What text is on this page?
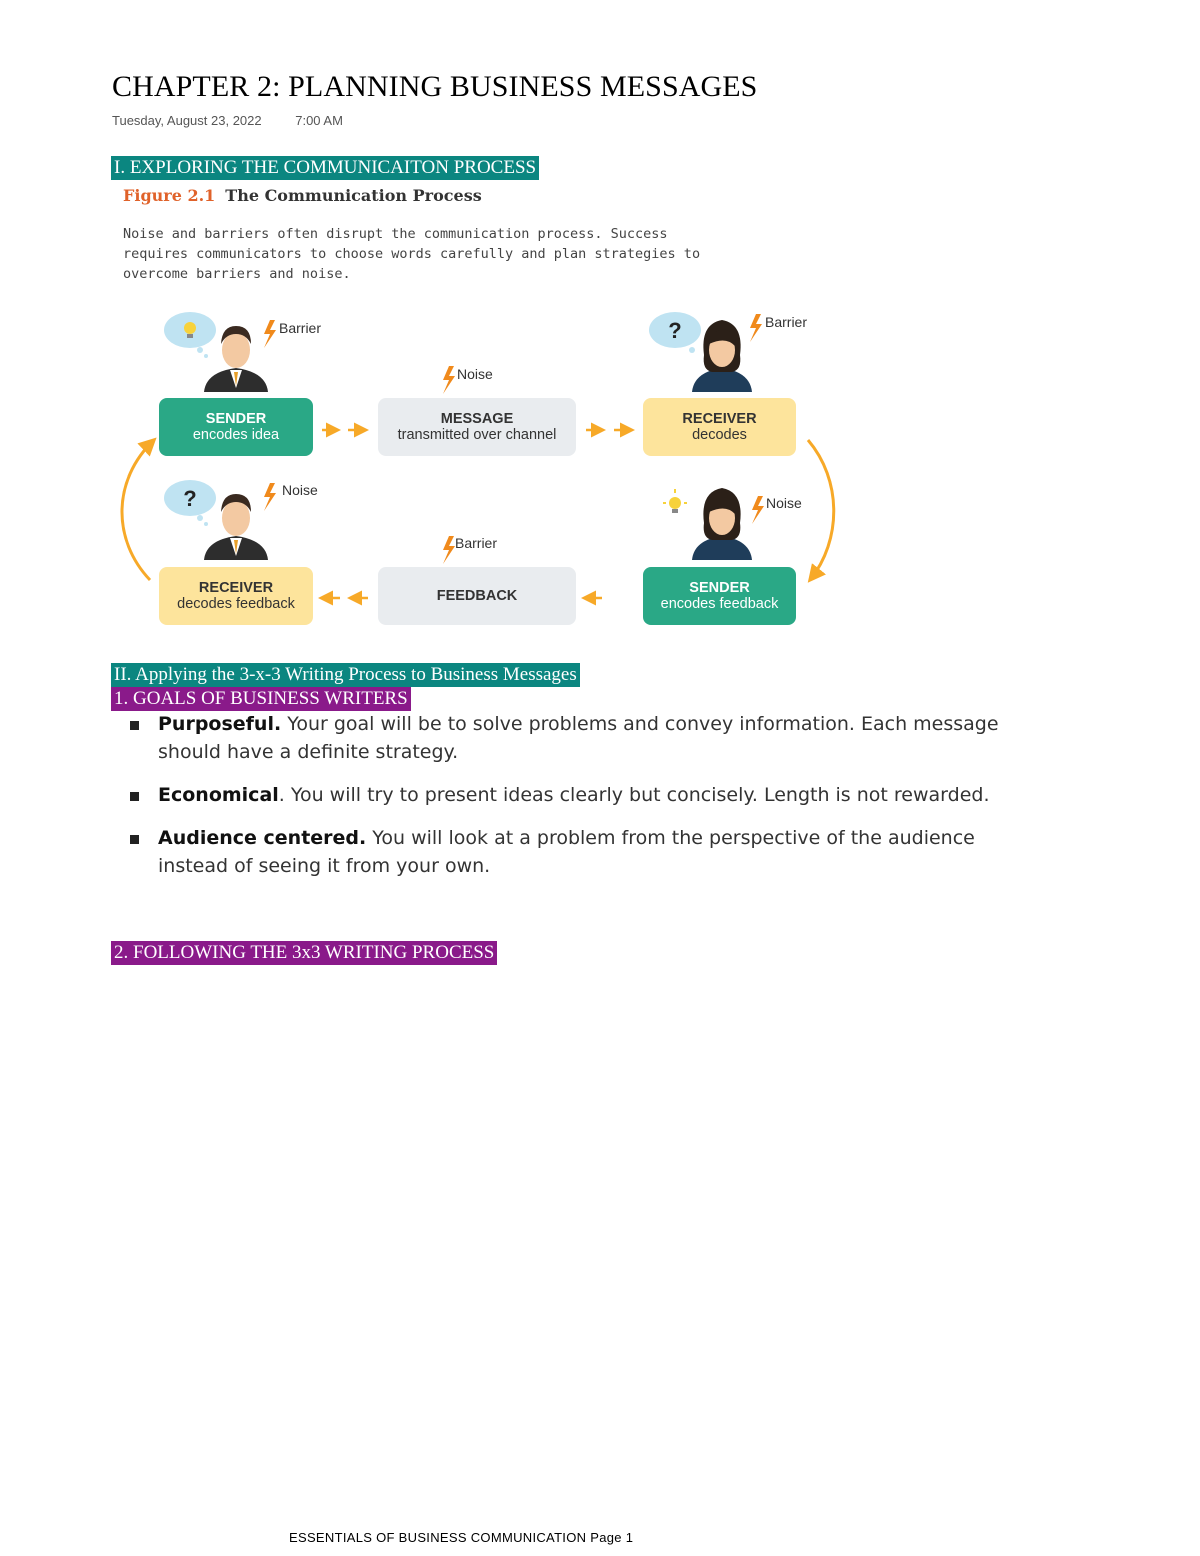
CHAPTER 2: PLANNING BUSINESS MESSAGES
Tuesday, August 23, 2022	7:00 AM
I. EXPLORING THE COMMUNICAITON PROCESS
Figure 2.1 The Communication Process
Noise and barriers often disrupt the communication process. Success requires communicators to choose words carefully and plan strategies to overcome barriers and noise.
?
?
Barrier	Barrier
Noise
Noise
Barrier
Noise
SENDER
encodes idea
MESSAGE
transmitted over channel
RECEIVER
decodes
RECEIVER
decodes feedback	FEEDBACK	SENDER
encodes feedback
II. Applying the 3-x-3 Writing Process to Business Messages
1. GOALS OF BUSINESS WRITERS
Purposeful. Your goal will be to solve problems and convey information. Each message should have a definite strategy.
Economical. You will try to present ideas clearly but concisely. Length is not rewarded.
Audience centered. You will look at a problem from the perspective of the audience instead of seeing it from your own.
2. FOLLOWING THE 3x3 WRITING PROCESS
ESSENTIALS OF BUSINESS COMMUNICATION Page 1
